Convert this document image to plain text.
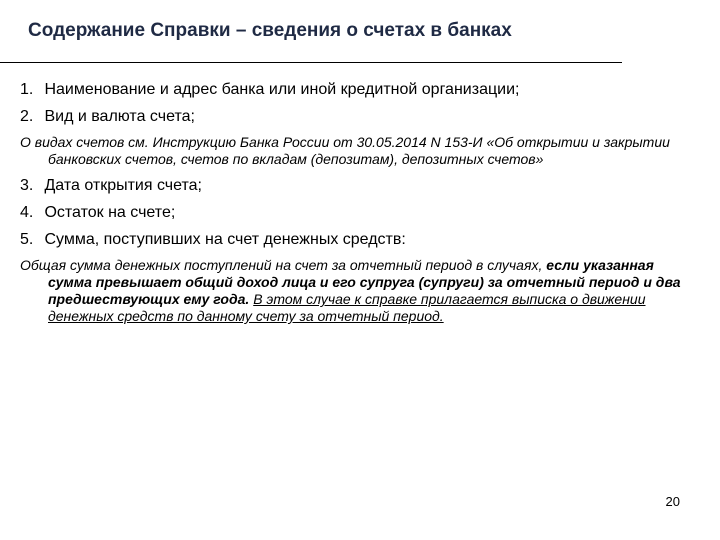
Содержание Справки – сведения о счетах в банках
1. Наименование и адрес банка или иной кредитной организации;
2. Вид и валюта счета;
О видах счетов см. Инструкцию Банка России от 30.05.2014 N 153-И «Об открытии и закрытии банковских счетов, счетов по вкладам (депозитам), депозитных счетов»
3. Дата открытия счета;
4. Остаток на счете;
5. Сумма, поступивших на счет денежных средств:
Общая сумма денежных поступлений на счет за отчетный период в случаях, если указанная сумма превышает общий доход лица и его супруга (супруги) за отчетный период и два предшествующих ему года. В этом случае к справке прилагается выписка о движении денежных средств по данному счету за отчетный период.
20
